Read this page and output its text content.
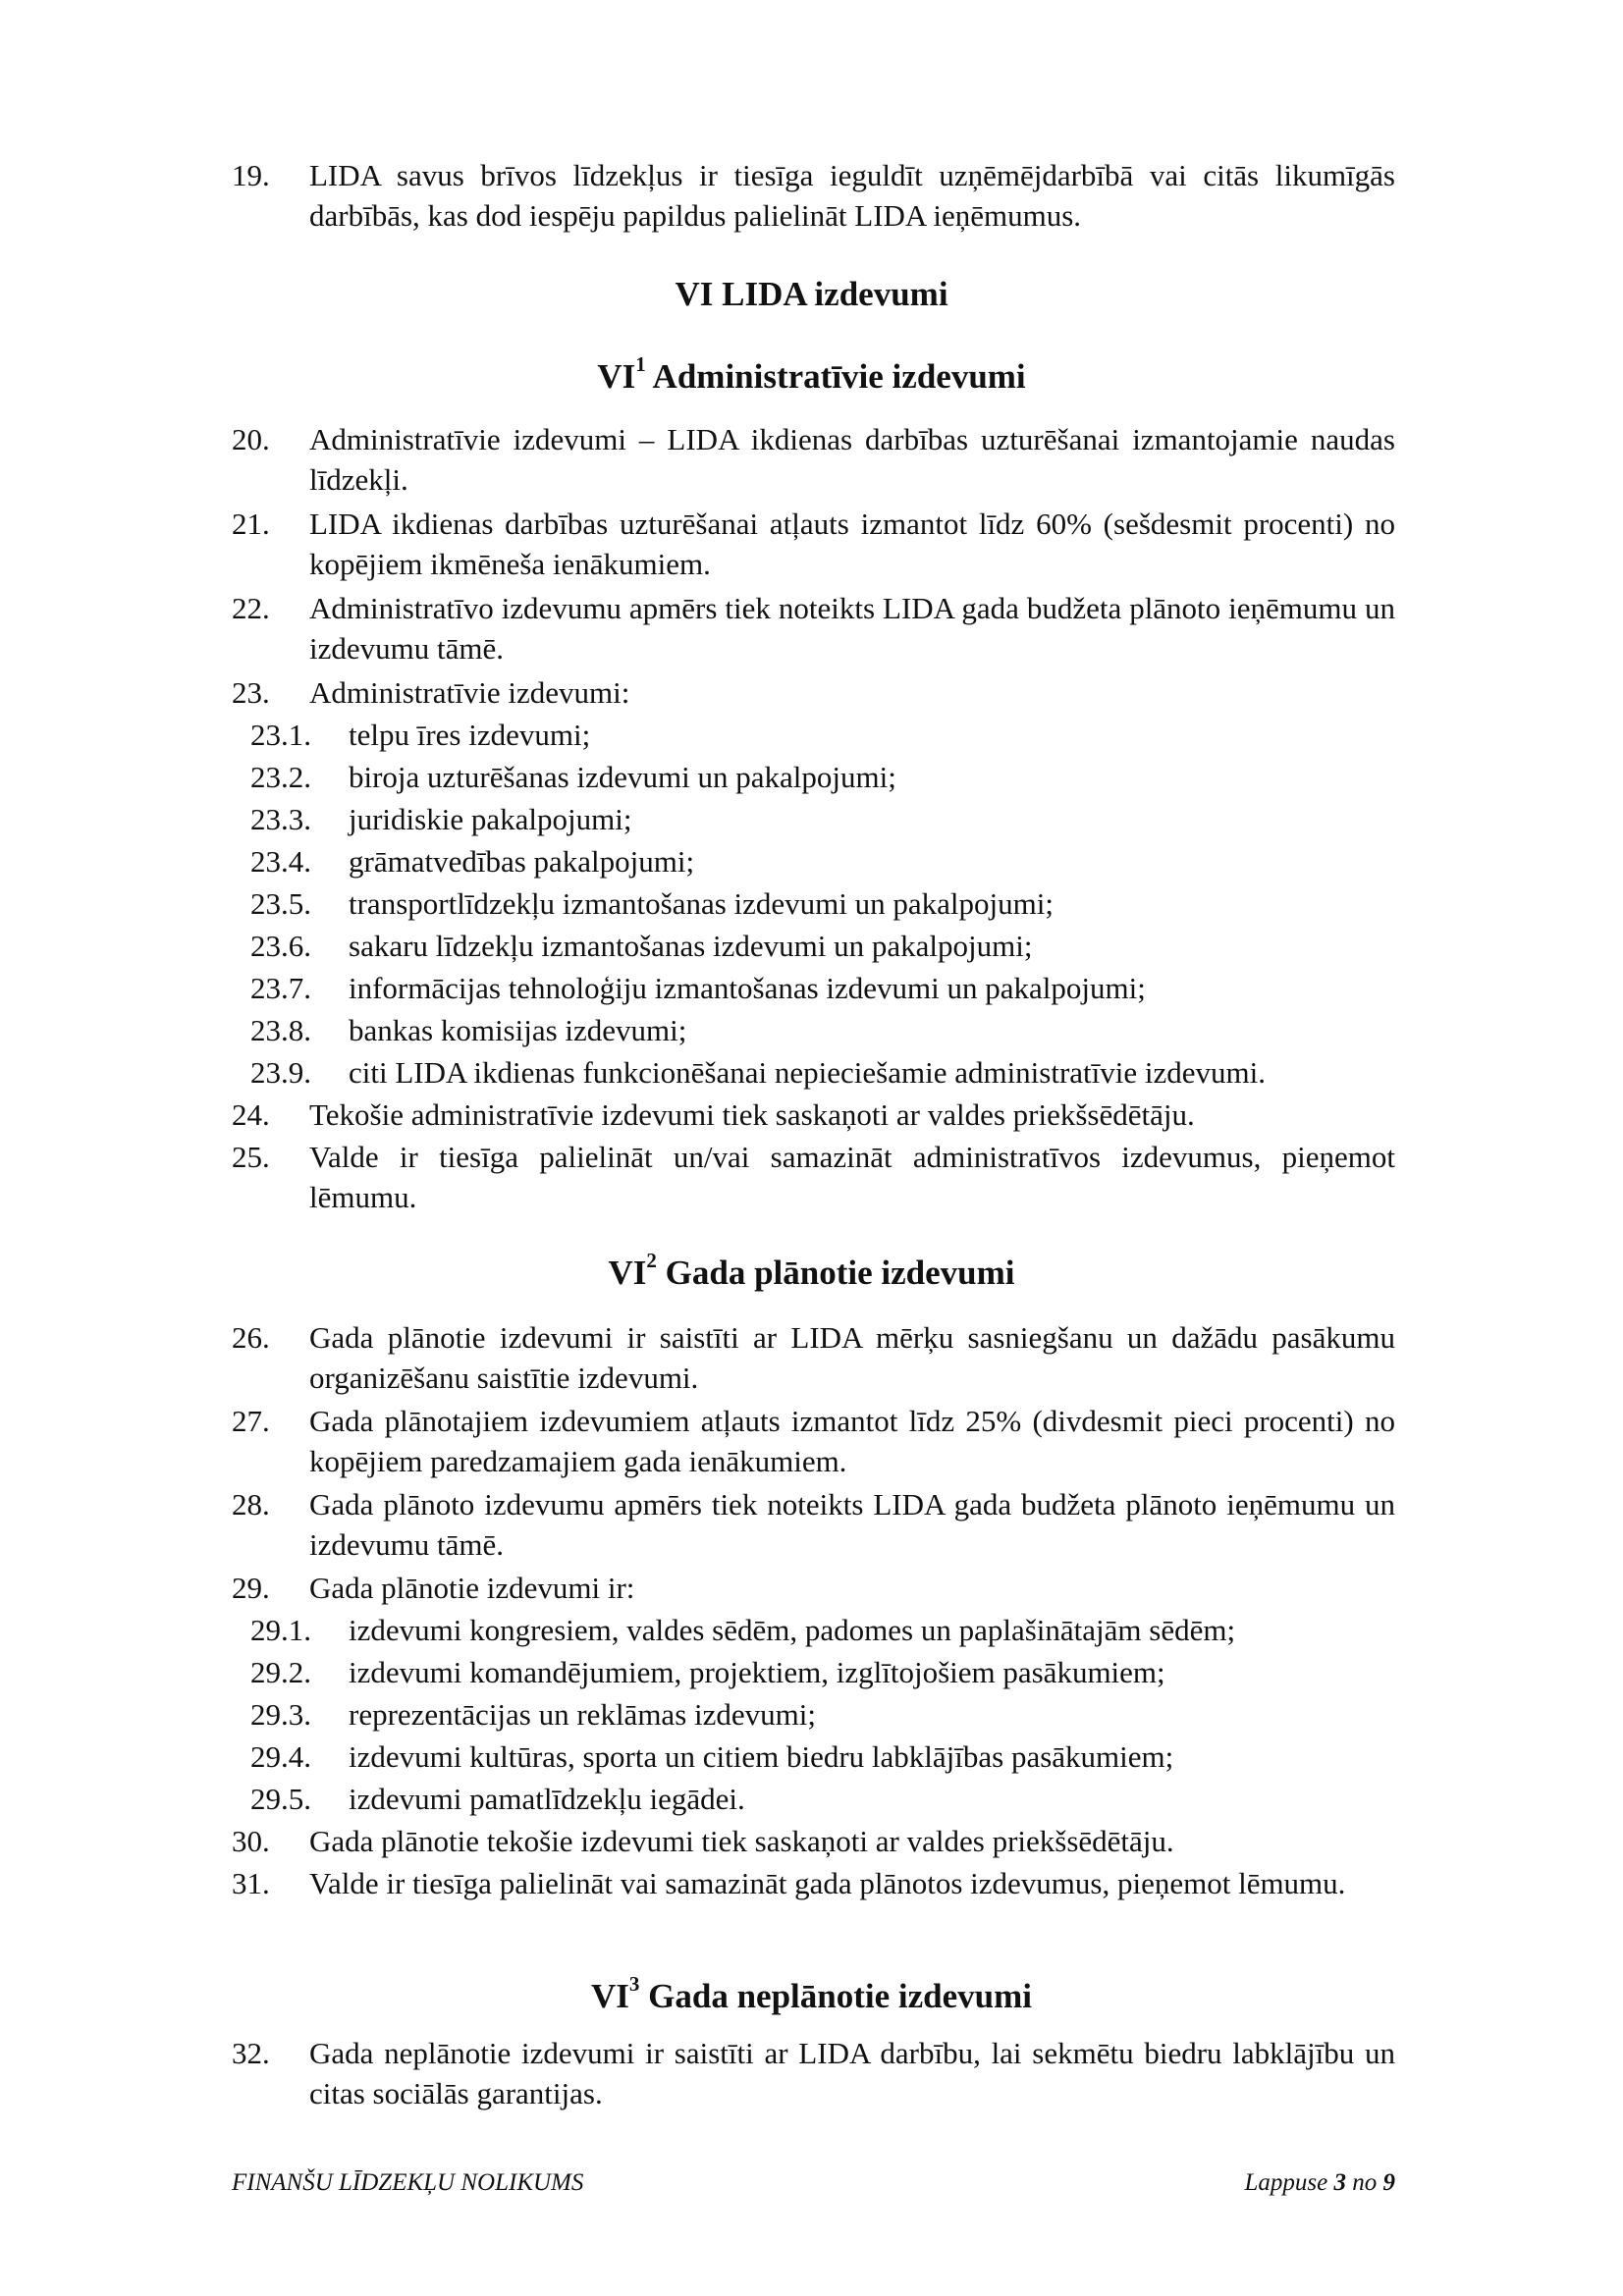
19. LIDA savus brīvos līdzekļus ir tiesīga ieguldīt uzņēmējdarbībā vai citās likumīgās darbībās, kas dod iespēju papildus palielināt LIDA ieņēmumus.
VI LIDA izdevumi
$VI^1$ Administratīvie izdevumi
20. Administratīvie izdevumi – LIDA ikdienas darbības uzturēšanai izmantojamie naudas līdzekļi.
21. LIDA ikdienas darbības uzturēšanai atļauts izmantot līdz 60% (sešdesmit procenti) no kopējiem ikmēneša ienākumiem.
22. Administratīvo izdevumu apmērs tiek noteikts LIDA gada budžeta plānoto ieņēmumu un izdevumu tāmē.
23. Administratīvie izdevumi:
23.1. telpu īres izdevumi;
23.2. biroja uzturēšanas izdevumi un pakalpojumi;
23.3. juridiskie pakalpojumi;
23.4. grāmatvedības pakalpojumi;
23.5. transportlīdzekļu izmantošanas izdevumi un pakalpojumi;
23.6. sakaru līdzekļu izmantošanas izdevumi un pakalpojumi;
23.7. informācijas tehnoloģiju izmantošanas izdevumi un pakalpojumi;
23.8. bankas komisijas izdevumi;
23.9. citi LIDA ikdienas funkcionēšanai nepieciešamie administratīvie izdevumi.
24. Tekošie administratīvie izdevumi tiek saskaņoti ar valdes priekšsēdētāju.
25. Valde ir tiesīga palielināt un/vai samazināt administratīvos izdevumus, pieņemot lēmumu.
$VI^2$ Gada plānotie izdevumi
26. Gada plānotie izdevumi ir saistīti ar LIDA mērķu sasniegšanu un dažādu pasākumu organizēšanu saistītie izdevumi.
27. Gada plānotajiem izdevumiem atļauts izmantot līdz 25% (divdesmit pieci procenti) no kopējiem paredzamajiem gada ienākumiem.
28. Gada plānoto izdevumu apmērs tiek noteikts LIDA gada budžeta plānoto ieņēmumu un izdevumu tāmē.
29. Gada plānotie izdevumi ir:
29.1. izdevumi kongresiem, valdes sēdēm, padomes un paplašinātajām sēdēm;
29.2. izdevumi komandējumiem, projektiem, izglītojošiem pasākumiem;
29.3. reprezentācijas un reklāmas izdevumi;
29.4. izdevumi kultūras, sporta un citiem biedru labklājības pasākumiem;
29.5. izdevumi pamatlīdzekļu iegādei.
30. Gada plānotie tekošie izdevumi tiek saskaņoti ar valdes priekšsēdētāju.
31. Valde ir tiesīga palielināt vai samazināt gada plānotos izdevumus, pieņemot lēmumu.
$VI^3$ Gada neplānotie izdevumi
32. Gada neplānotie izdevumi ir saistīti ar LIDA darbību, lai sekmētu biedru labklājību un citas sociālās garantijas.
FINANŠU LĪDZEKĻU NOLIKUMS	Lappuse 3 no 9
